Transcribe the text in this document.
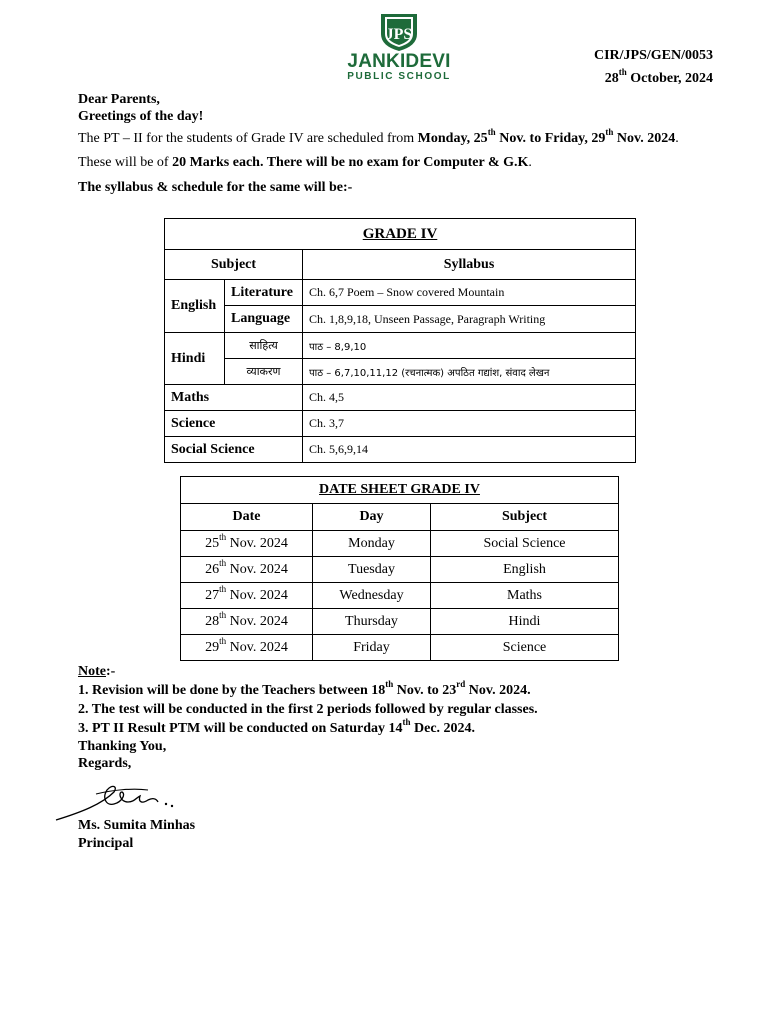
JPS
JANKIDEVI
PUBLIC SCHOOL
CIR/JPS/GEN/0053
28th October, 2024
Dear Parents,
Greetings of the day!
The PT – II for the students of Grade IV are scheduled from Monday, 25th Nov. to Friday, 29th Nov. 2024.
These will be of 20 Marks each. There will be no exam for Computer & G.K.
The syllabus & schedule for the same will be:-
GRADE IV		
Subject		Syllabus
English	Literature	Ch. 6,7 Poem – Snow covered Mountain
	Language	Ch. 1,8,9,18, Unseen Passage, Paragraph Writing
Hindi	साहित्य	पाठ – 8,9,10
	व्याकरण	पाठ – 6,7,10,11,12 (रचनात्मक) अपठित गद्यांश, संवाद लेखन
Maths		Ch. 4,5
Science		Ch. 3,7
Social Science		Ch. 5,6,9,14
DATE SHEET GRADE IV		
Date	Day	Subject
25th Nov. 2024	Monday	Social Science
26th Nov. 2024	Tuesday	English
27th Nov. 2024	Wednesday	Maths
28th Nov. 2024	Thursday	Hindi
29th Nov. 2024	Friday	Science
Note:-
1. Revision will be done by the Teachers between 18th Nov. to 23rd Nov. 2024.
2. The test will be conducted in the first 2 periods followed by regular classes.
3. PT II Result PTM will be conducted on Saturday 14th Dec. 2024.
Thanking You,
Regards,
Ms. Sumita Minhas
Principal
